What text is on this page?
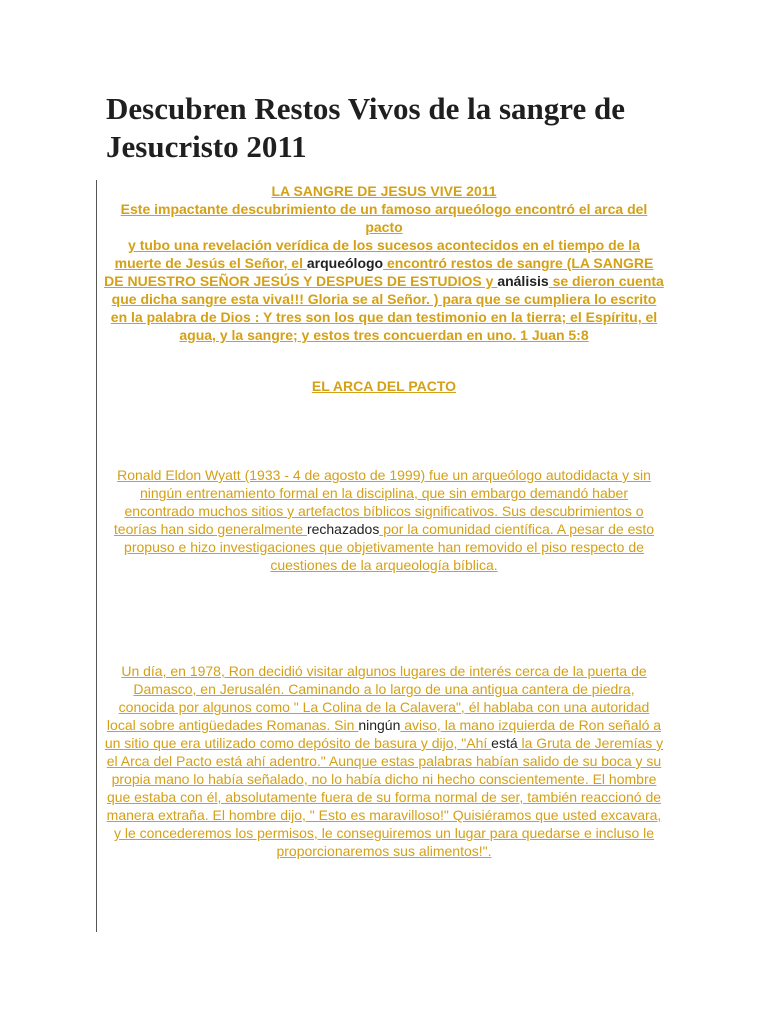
Descubren Restos Vivos de la sangre de Jesucristo 2011

LA SANGRE DE JESUS VIVE 2011
Este impactante descubrimiento de un famoso arqueólogo encontró el arca del pacto
y tubo una revelación verídica de los sucesos acontecidos en el tiempo de la muerte de Jesús el Señor, el arqueólogo encontró restos de sangre (LA SANGRE DE NUESTRO SEÑOR JESÚS Y DESPUES DE ESTUDIOS y análisis se dieron cuenta que dicha sangre esta viva!!! Gloria se al Señor. ) para que se cumpliera lo escrito en la palabra de Dios : Y tres son los que dan testimonio en la tierra; el Espíritu, el agua, y la sangre; y estos tres concuerdan en uno. 1 Juan 5:8

EL ARCA DEL PACTO

Ronald Eldon Wyatt (1933 - 4 de agosto de 1999) fue un arqueólogo autodidacta y sin ningún entrenamiento formal en la disciplina, que sin embargo demandó haber encontrado muchos sitios y artefactos bíblicos significativos. Sus descubrimientos o teorías han sido generalmente rechazados por la comunidad científica. A pesar de esto propuso e hizo investigaciones que objetivamente han removido el piso respecto de cuestiones de la arqueología bíblica.

Un día, en 1978, Ron decidió visitar algunos lugares de interés cerca de la puerta de Damasco, en Jerusalén. Caminando a lo largo de una antigua cantera de piedra, conocida por algunos como " La Colina de la Calavera", él hablaba con una autoridad local sobre antigüedades Romanas. Sin ningún aviso, la mano izquierda de Ron señaló a un sitio que era utilizado como depósito de basura y dijo, "Ahí está la Gruta de Jeremías y el Arca del Pacto está ahí adentro." Aunque estas palabras habían salido de su boca y su propia mano lo había señalado, no lo había dicho ni hecho conscientemente. El hombre que estaba con él, absolutamente fuera de su forma normal de ser, también reaccionó de manera extraña. El hombre dijo, " Esto es maravilloso!" Quisiéramos que usted excavara, y le concederemos los permisos, le conseguiremos un lugar para quedarse e incluso le proporcionaremos sus alimentos!".
